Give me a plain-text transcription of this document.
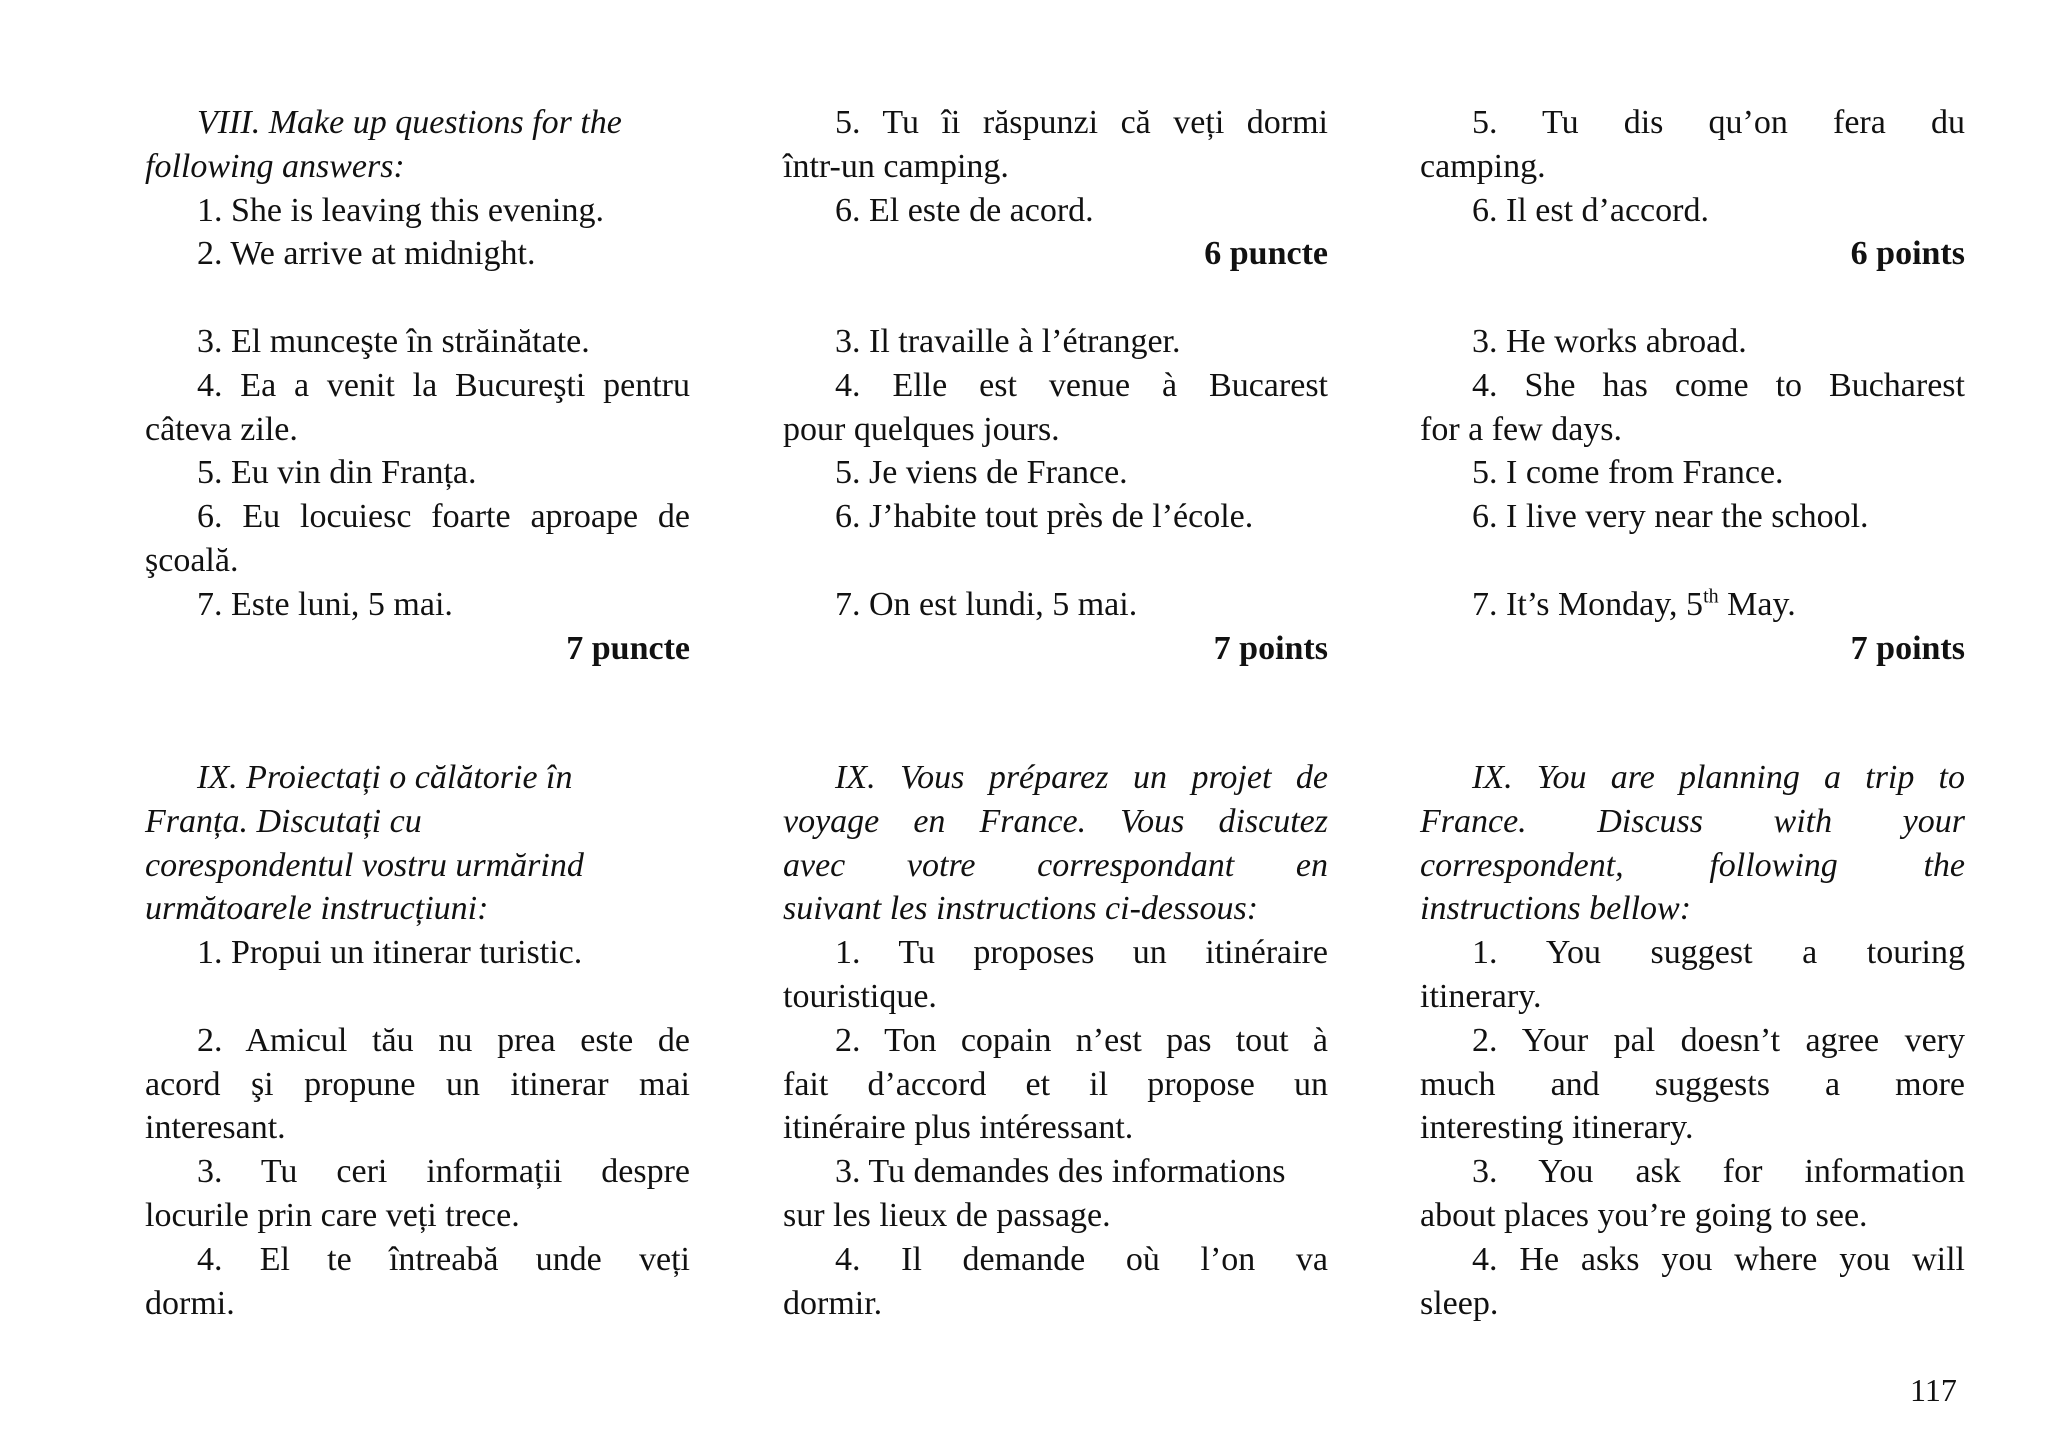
VIII. Make up questions for the
following answers:
1. She is leaving this evening.
2. We arrive at midnight.
3. El munceşte în străinătate.
4. Ea a venit la Bucureşti pentru
câteva zile.
5. Eu vin din Franța.
6. Eu locuiesc foarte aproape de
şcoală.
7. Este luni, 5 mai.
7 puncte
IX. Proiectați o călătorie în
Franța. Discutați cu
corespondentul vostru urmărind
următoarele instrucțiuni:
1. Propui un itinerar turistic.
2. Amicul tău nu prea este de
acord şi propune un itinerar mai
interesant.
3. Tu ceri informații despre
locurile prin care veți trece.
4. El te întreabă unde veți
dormi.
5. Tu îi răspunzi că veți dormi
într-un camping.
6. El este de acord.
6 puncte
3. Il travaille à l’étranger.
4. Elle est venue à Bucarest
pour quelques jours.
5. Je viens de France.
6. J’habite tout près de l’école.
7. On est lundi, 5 mai.
7 points
IX. Vous préparez un projet de
voyage en France. Vous discutez
avec votre correspondant en
suivant les instructions ci-dessous:
1. Tu proposes un itinéraire
touristique.
2. Ton copain n’est pas tout à
fait d’accord et il propose un
itinéraire plus intéressant.
3. Tu demandes des informations
sur les lieux de passage.
4. Il demande où l’on va
dormir.
5. Tu dis qu’on fera du
camping.
6. Il est d’accord.
6 points
3. He works abroad.
4. She has come to Bucharest
for a few days.
5. I come from France.
6. I live very near the school.
7. It’s Monday, 5th May.
7 points
IX. You are planning a trip to
France. Discuss with your
correspondent, following the
instructions bellow:
1. You suggest a touring
itinerary.
2. Your pal doesn’t agree very
much and suggests a more
interesting itinerary.
3. You ask for information
about places you’re going to see.
4. He asks you where you will
sleep.
117
